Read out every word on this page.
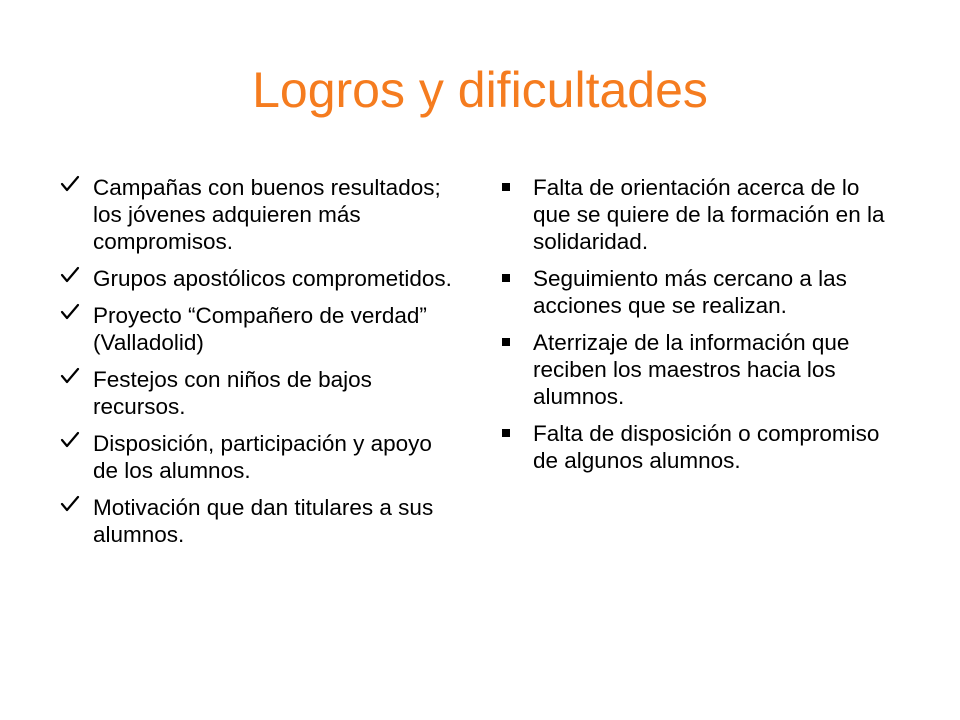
Logros y dificultades
Campañas con buenos resultados; los jóvenes adquieren más compromisos.
Grupos apostólicos comprometidos.
Proyecto “Compañero de verdad” (Valladolid)
Festejos con niños de bajos recursos.
Disposición, participación y apoyo de los alumnos.
Motivación que dan titulares a sus alumnos.
Falta de orientación acerca de lo que se quiere de la formación en la solidaridad.
Seguimiento más cercano a las acciones que se realizan.
Aterrizaje de la información que reciben los maestros hacia los alumnos.
Falta de disposición o compromiso de algunos alumnos.
